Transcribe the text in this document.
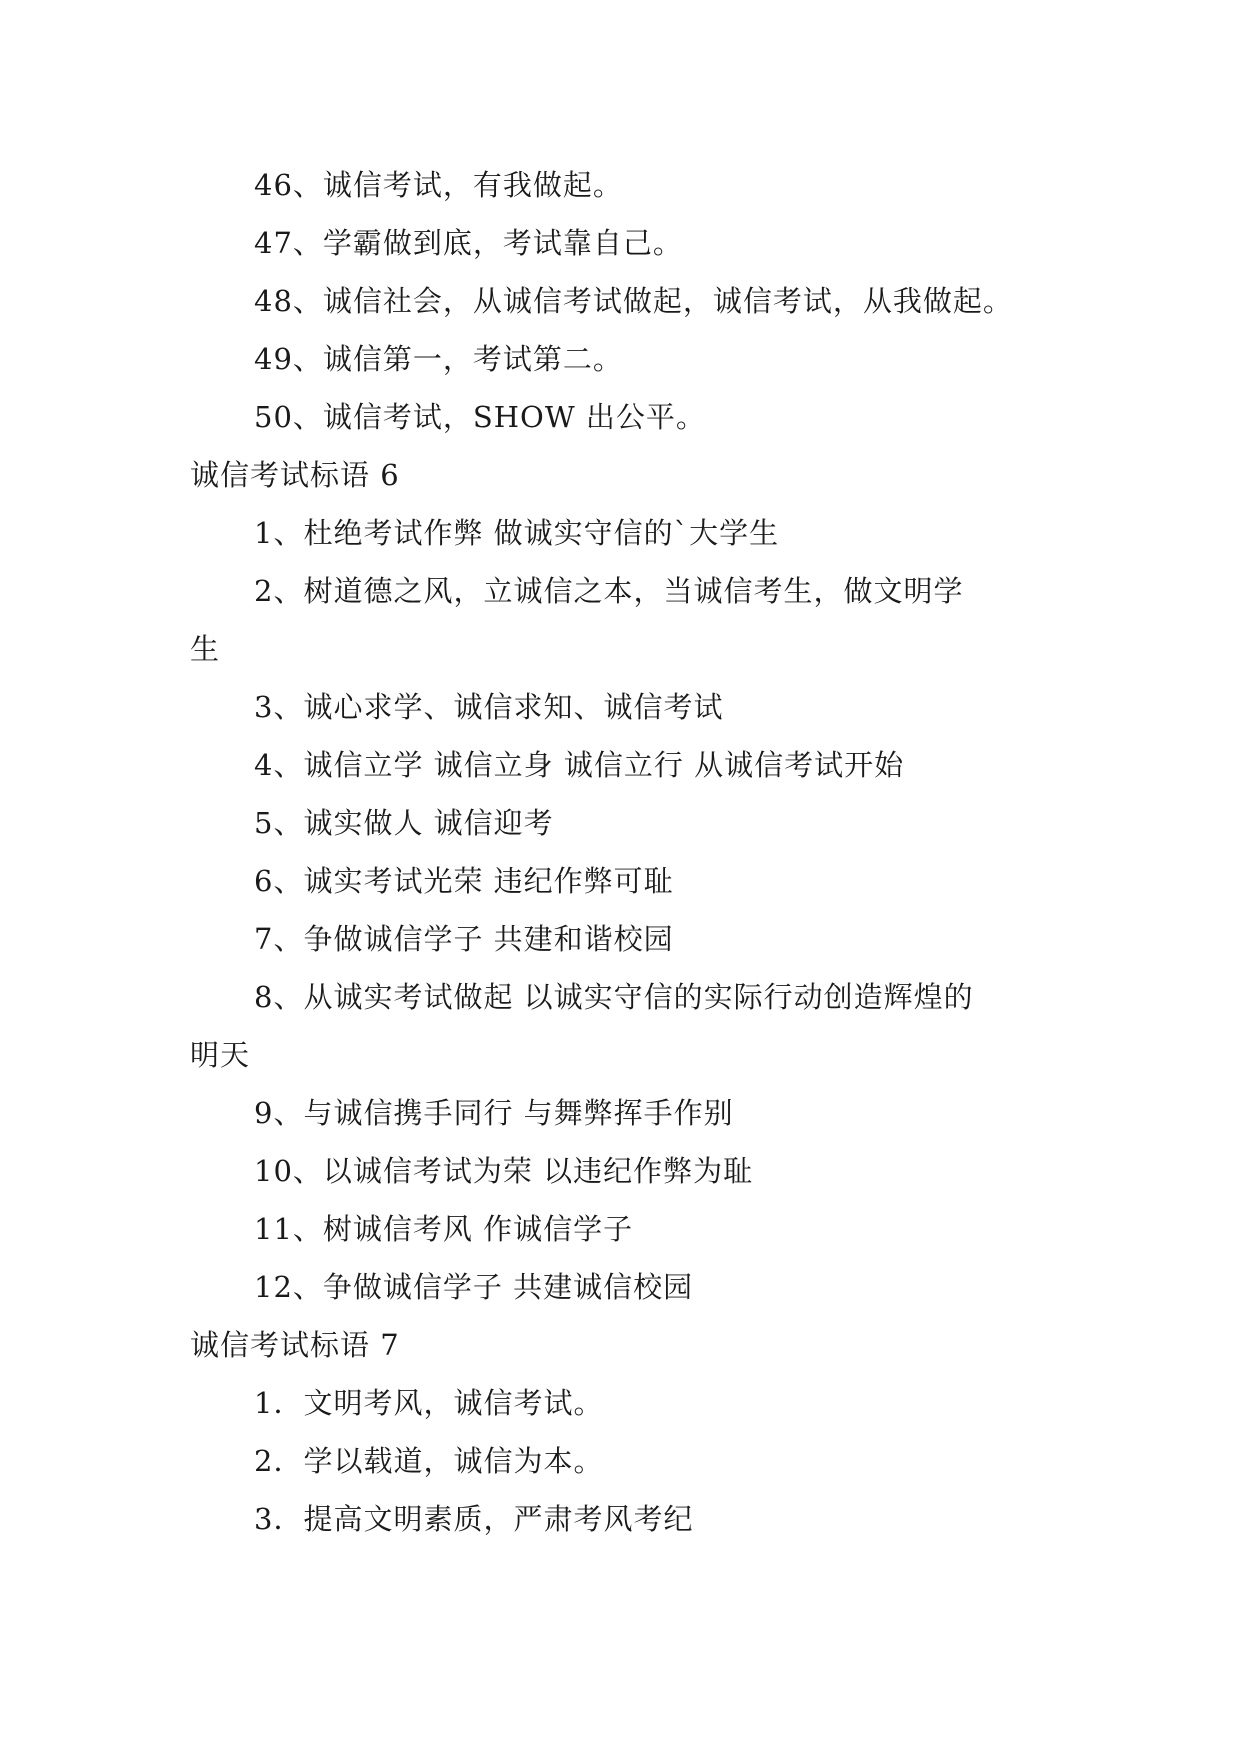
46、诚信考试，有我做起。
47、学霸做到底，考试靠自己。
48、诚信社会，从诚信考试做起，诚信考试，从我做起。
49、诚信第一，考试第二。
50、诚信考试，SHOW 出公平。
诚信考试标语 6
1、杜绝考试作弊 做诚实守信的`大学生
2、树道德之风，立诚信之本，当诚信考生，做文明学
生
3、诚心求学、诚信求知、诚信考试
4、诚信立学 诚信立身 诚信立行 从诚信考试开始
5、诚实做人 诚信迎考
6、诚实考试光荣 违纪作弊可耻
7、争做诚信学子 共建和谐校园
8、从诚实考试做起 以诚实守信的实际行动创造辉煌的
明天
9、与诚信携手同行 与舞弊挥手作别
10、以诚信考试为荣 以违纪作弊为耻
11、树诚信考风 作诚信学子
12、争做诚信学子 共建诚信校园
诚信考试标语 7
1．文明考风，诚信考试。
2．学以载道，诚信为本。
3．提高文明素质，严肃考风考纪
